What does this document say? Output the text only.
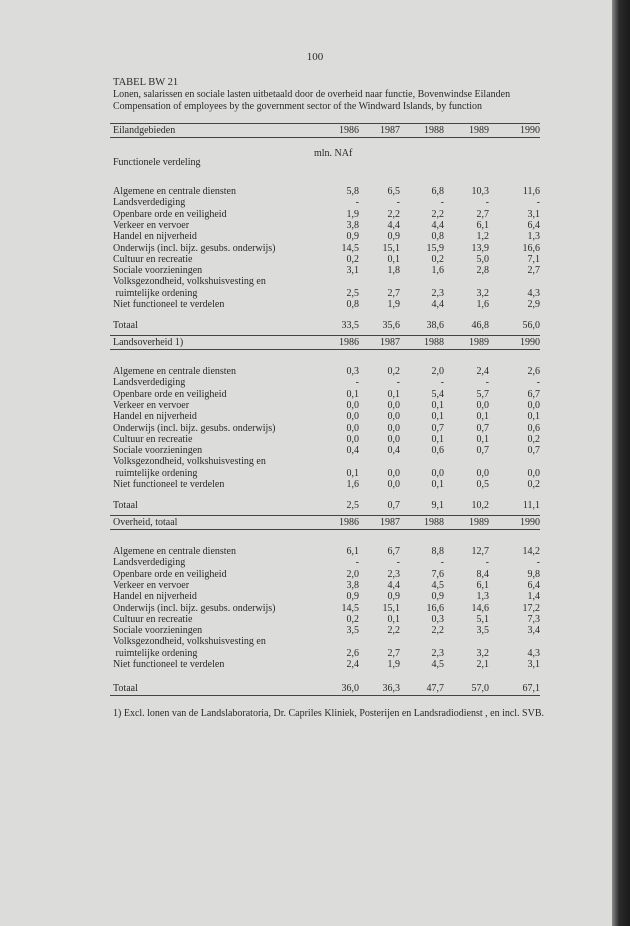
100
TABEL BW 21
Lonen, salarissen en sociale lasten uitbetaald door de overheid naar functie, Bovenwindse Eilanden
Compensation of employees by the government sector of the Windward Islands, by function
Eilandgebieden	1986	1987	1988	1989	1990
Algemene en centrale diensten	5,8	6,5	6,8	10,3	11,6
Landsverdediging	-	-	-	-	-
Openbare orde en veiligheid	1,9	2,2	2,2	2,7	3,1
Verkeer en vervoer	3,8	4,4	4,4	6,1	6,4
Handel en nijverheid	0,9	0,9	0,8	1,2	1,3
Onderwijs (incl. bijz. gesubs. onderwijs)	14,5	15,1	15,9	13,9	16,6
Cultuur en recreatie	0,2	0,1	0,2	5,0	7,1
Sociale voorzieningen	3,1	1,8	1,6	2,8	2,7
Volksgezondheid, volkshuisvesting en
ruimtelijke ordening	2,5	2,7	2,3	3,2	4,3
Niet functioneel te verdelen	0,8	1,9	4,4	1,6	2,9
Totaal	33,5	35,6	38,6	46,8	56,0
mln. NAf
Functionele verdeling
Landsoverheid 1)	1986	1987	1988	1989	1990
Algemene en centrale diensten	0,3	0,2	2,0	2,4	2,6
Landsverdediging	-	-	-	-	-
Openbare orde en veiligheid	0,1	0,1	5,4	5,7	6,7
Verkeer en vervoer	0,0	0,0	0,1	0,0	0,0
Handel en nijverheid	0,0	0,0	0,1	0,1	0,1
Onderwijs (incl. bijz. gesubs. onderwijs)	0,0	0,0	0,7	0,7	0,6
Cultuur en recreatie	0,0	0,0	0,1	0,1	0,2
Sociale voorzieningen	0,4	0,4	0,6	0,7	0,7
Volksgezondheid, volkshuisvesting en
ruimtelijke ordening	0,1	0,0	0,0	0,0	0,0
Niet functioneel te verdelen	1,6	0,0	0,1	0,5	0,2
Totaal	2,5	0,7	9,1	10,2	11,1
Overheid, totaal	1986	1987	1988	1989	1990
Algemene en centrale diensten	6,1	6,7	8,8	12,7	14,2
Landsverdediging	-	-	-	-	-
Openbare orde en veiligheid	2,0	2,3	7,6	8,4	9,8
Verkeer en vervoer	3,8	4,4	4,5	6,1	6,4
Handel en nijverheid	0,9	0,9	0,9	1,3	1,4
Onderwijs (incl. bijz. gesubs. onderwijs)	14,5	15,1	16,6	14,6	17,2
Cultuur en recreatie	0,2	0,1	0,3	5,1	7,3
Sociale voorzieningen	3,5	2,2	2,2	3,5	3,4
Volksgezondheid, volkshuisvesting en
ruimtelijke ordening	2,6	2,7	2,3	3,2	4,3
Niet functioneel te verdelen	2,4	1,9	4,5	2,1	3,1
Totaal	36,0	36,3	47,7	57,0	67,1
1) Excl. lonen van de Landslaboratoria, Dr. Capriles Kliniek, Posterijen en Landsradiodienst , en incl. SVB.
